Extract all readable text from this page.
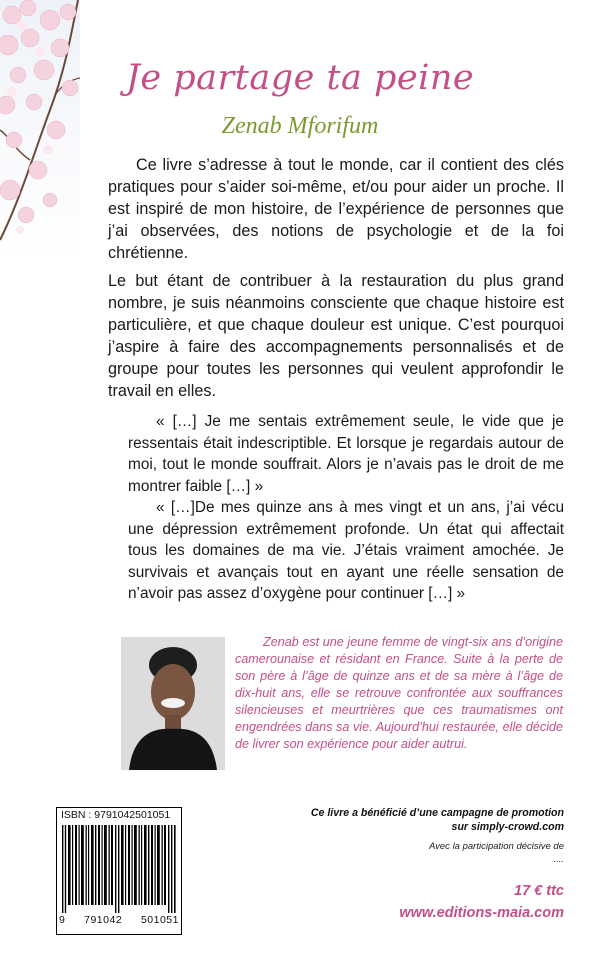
Je partage ta peine
Zenab Mforifum

Ce livre s’adresse à tout le monde, car il contient des clés pratiques pour s’aider soi-même, et/ou pour aider un proche. Il est inspiré de mon histoire, de l’expérience de personnes que j’ai observées, des notions de psychologie et de la foi chrétienne.

Le but étant de contribuer à la restauration du plus grand nombre, je suis néanmoins consciente que chaque histoire est particulière, et que chaque douleur est unique. C’est pourquoi j’aspire à faire des accompagnements personnalisés et de groupe pour toutes les personnes qui veulent approfondir le travail en elles.

« […] Je me sentais extrêmement seule, le vide que je ressentais était indescriptible. Et lorsque je regardais autour de moi, tout le monde souffrait. Alors je n’avais pas le droit de me montrer faible […] »

« […]De mes quinze ans à mes vingt et un ans, j’ai vécu une dépression extrêmement profonde. Un état qui affectait tous les domaines de ma vie. J’étais vraiment amochée. Je survivais et avançais tout en ayant une réelle sensation de n’avoir pas assez d’oxygène pour continuer […] »

Zenab est une jeune femme de vingt-six ans d’origine camerounaise et résidant en France. Suite à la perte de son père à l’âge de quinze ans et de sa mère à l’âge de dix-huit ans, elle se retrouve confrontée aux souffrances silencieuses et meurtrières que ces traumatismes ont engendrées dans sa vie. Aujourd’hui restaurée, elle décide de livrer son expérience pour aider autrui.
ISBN : 9791042501051
9 791042 501051
Ce livre a bénéficié d’une campagne de promotion
sur simply-crowd.com
Avec la participation décisive de
....
17 € ttc
www.editions-maia.com
